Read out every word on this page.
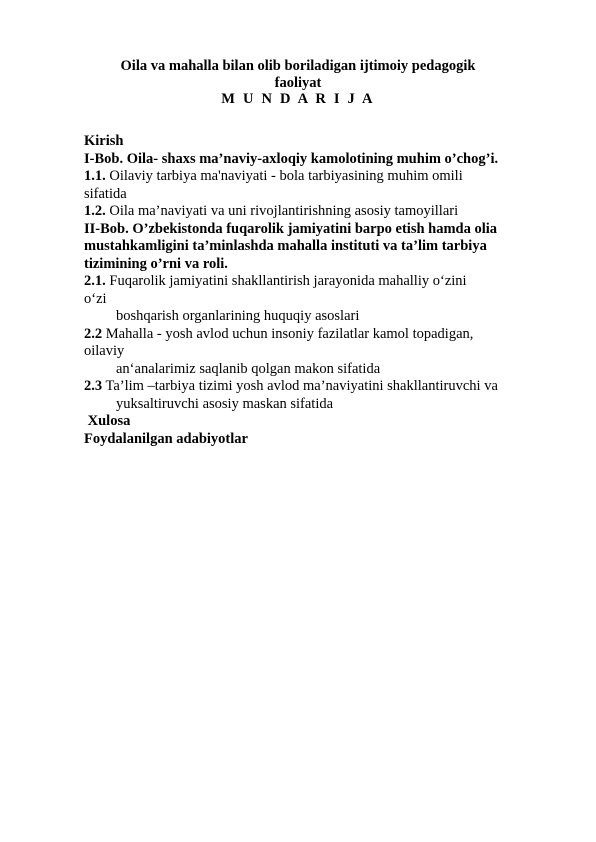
Oila va mahalla bilan olib boriladigan ijtimoiy pedagogik
faoliyat
M U N D A R I J A
Kirish
I-Bob. Oila- shaxs ma’naviy-axloqiy kamolotining muhim o’chog’i.
1.1. Oilaviy tarbiya ma'naviyati - bola tarbiyasining muhim omili
sifatida
1.2. Oila ma’naviyati va uni rivojlantirishning asosiy tamoyillari
II-Bob. O’zbekistonda fuqarolik jamiyatini barpo etish hamda olia
mustahkamligini ta’minlashda mahalla instituti va ta’lim tarbiya
tizimining o’rni va roli.
2.1. Fuqarolik jamiyatini shakllantirish jarayonida mahalliy o‘zini
o‘zi
boshqarish organlarining huquqiy asoslari
2.2 Mahalla - yosh avlod uchun insoniy fazilatlar kamol topadigan,
oilaviy
an‘analarimiz saqlanib qolgan makon sifatida
2.3 Ta’lim –tarbiya tizimi yosh avlod ma’naviyatini shakllantiruvchi va
yuksaltiruvchi asosiy maskan sifatida
Xulosa
Foydalanilgan adabiyotlar
